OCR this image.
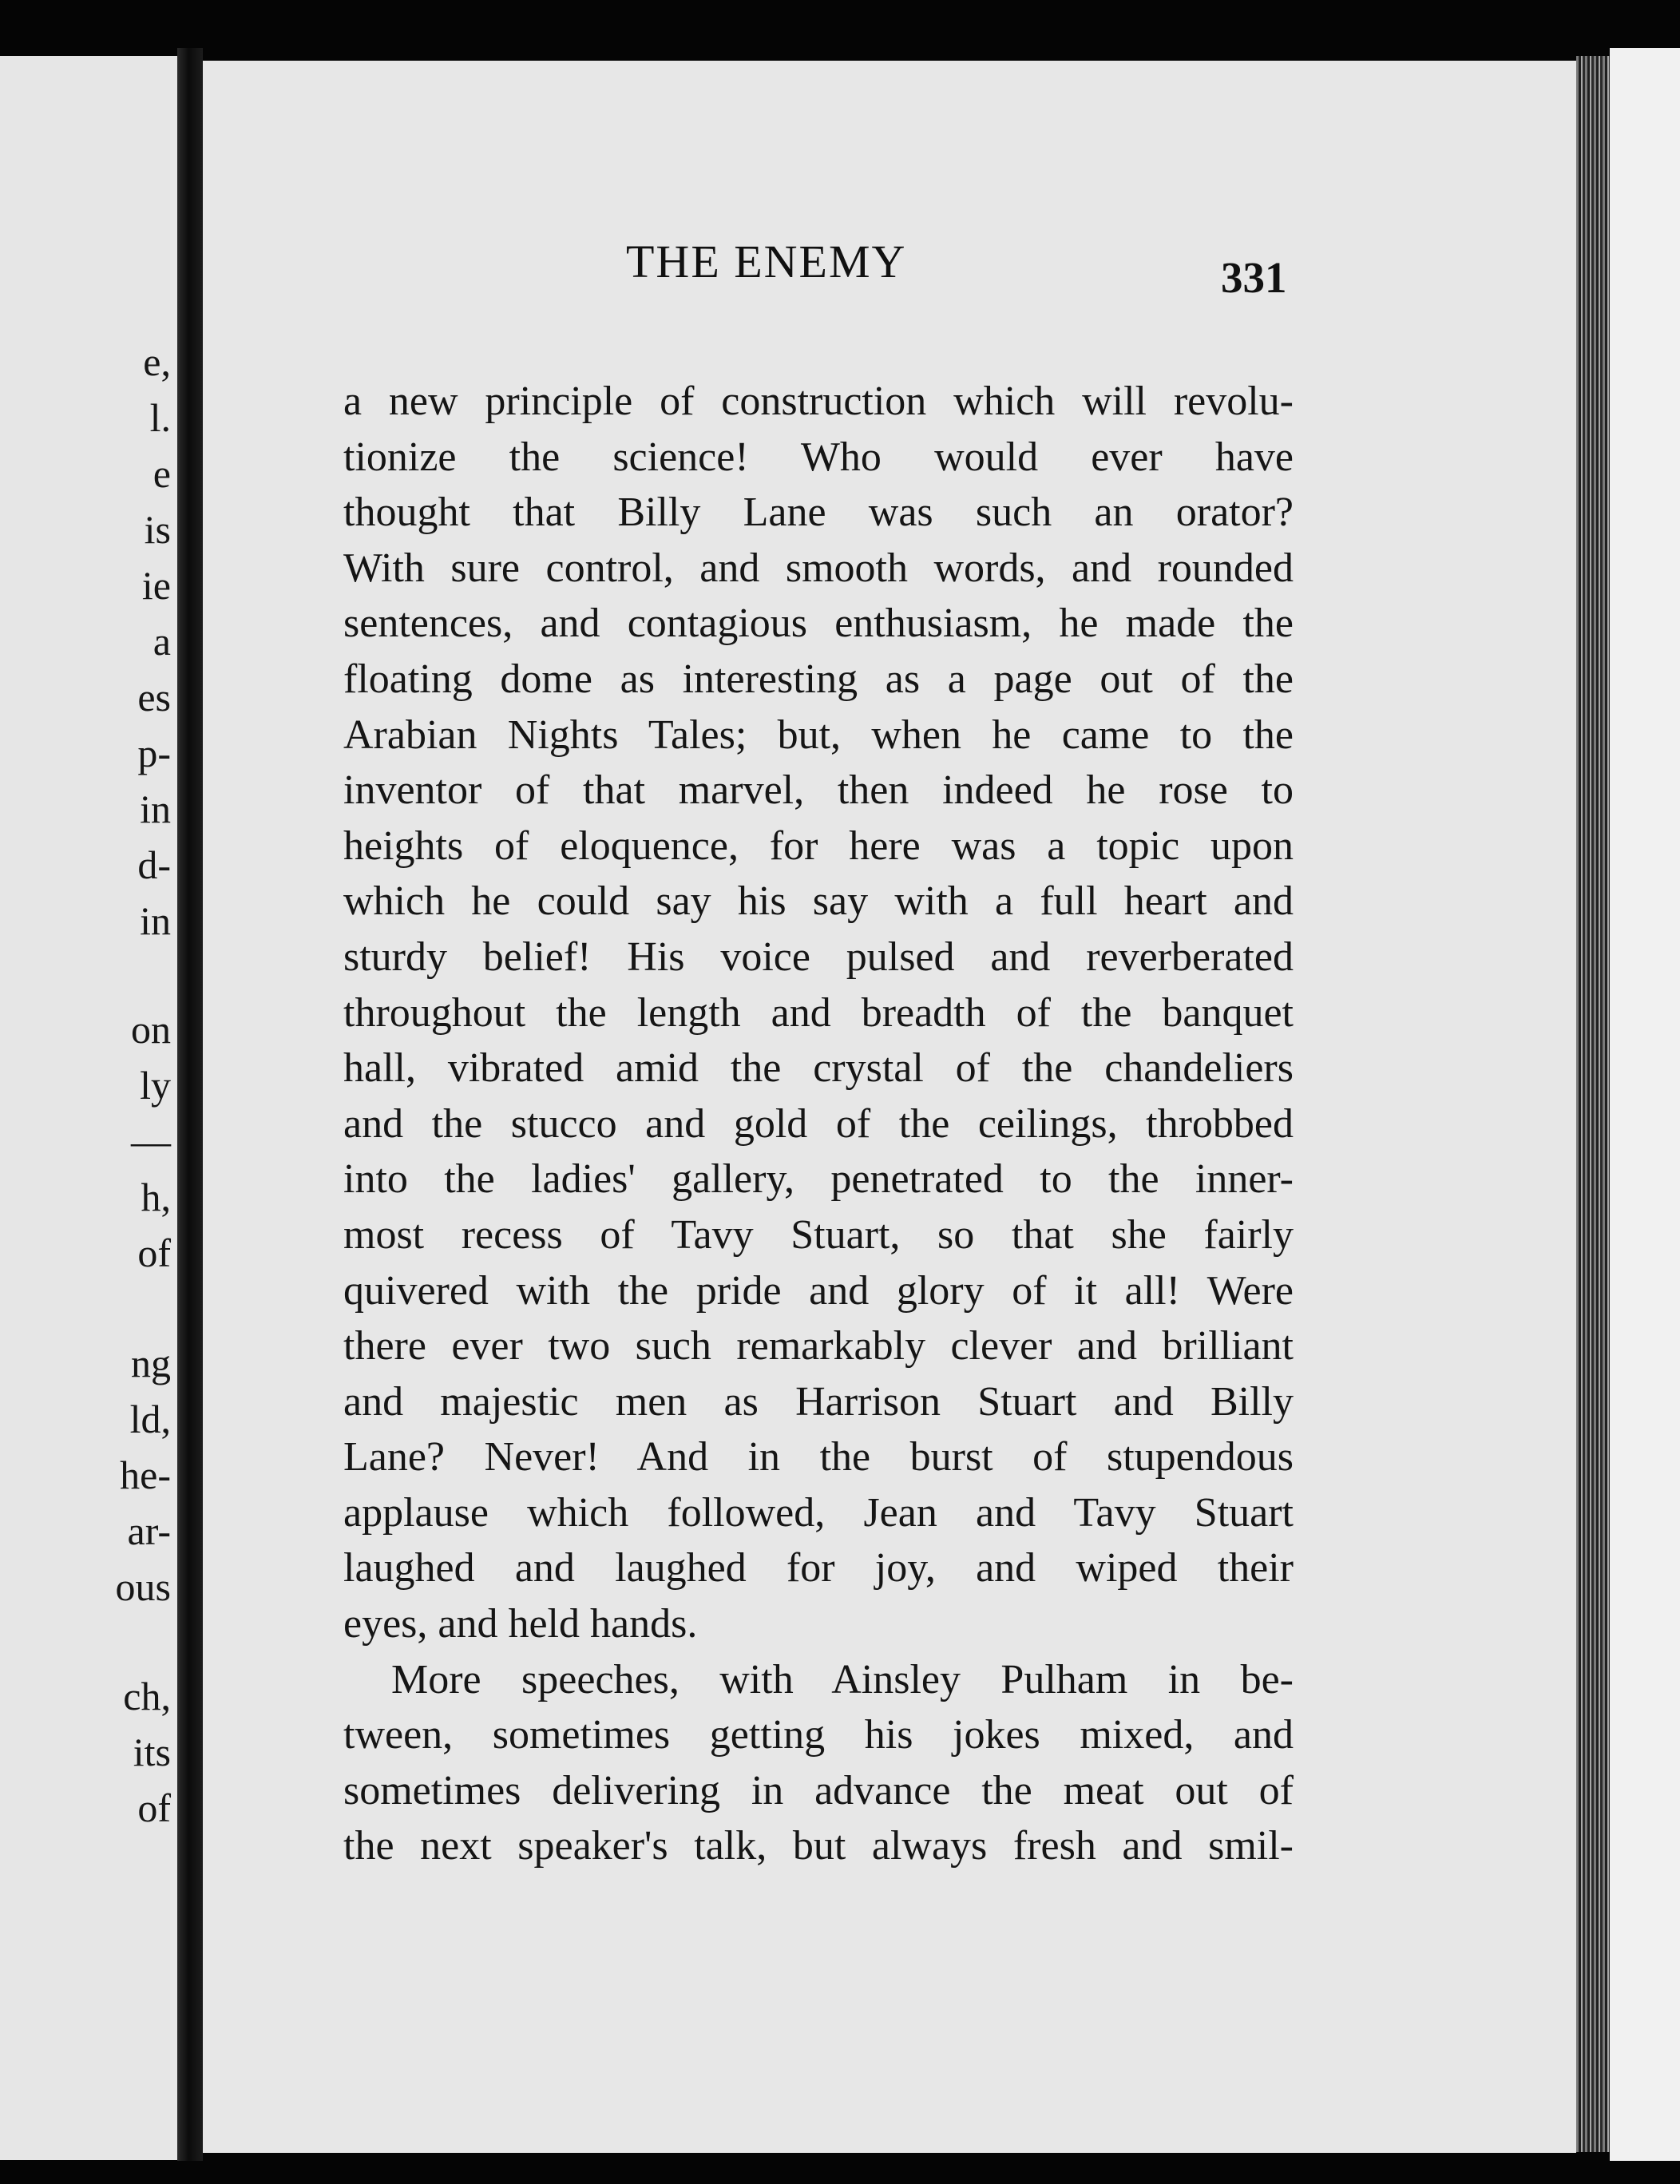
e,

l.

e

is

ie

a

es

p-

in

d-

in

on

ly

—

h,

of

ng

ld,

he-

ar-

ous

ch,

its

of

THE ENEMY	331

a new principle of construction which will revolu-
tionize the science! Who would ever have
thought that Billy Lane was such an orator?
With sure control, and smooth words, and rounded
sentences, and contagious enthusiasm, he made the
floating dome as interesting as a page out of the
Arabian Nights Tales; but, when he came to the
inventor of that marvel, then indeed he rose to
heights of eloquence, for here was a topic upon
which he could say his say with a full heart and
sturdy belief! His voice pulsed and reverberated
throughout the length and breadth of the banquet
hall, vibrated amid the crystal of the chandeliers
and the stucco and gold of the ceilings, throbbed
into the ladies' gallery, penetrated to the inner-
most recess of Tavy Stuart, so that she fairly
quivered with the pride and glory of it all! Were
there ever two such remarkably clever and brilliant
and majestic men as Harrison Stuart and Billy
Lane? Never! And in the burst of stupendous
applause which followed, Jean and Tavy Stuart
laughed and laughed for joy, and wiped their
eyes, and held hands.
More speeches, with Ainsley Pulham in be-
tween, sometimes getting his jokes mixed, and
sometimes delivering in advance the meat out of
the next speaker's talk, but always fresh and smil-
